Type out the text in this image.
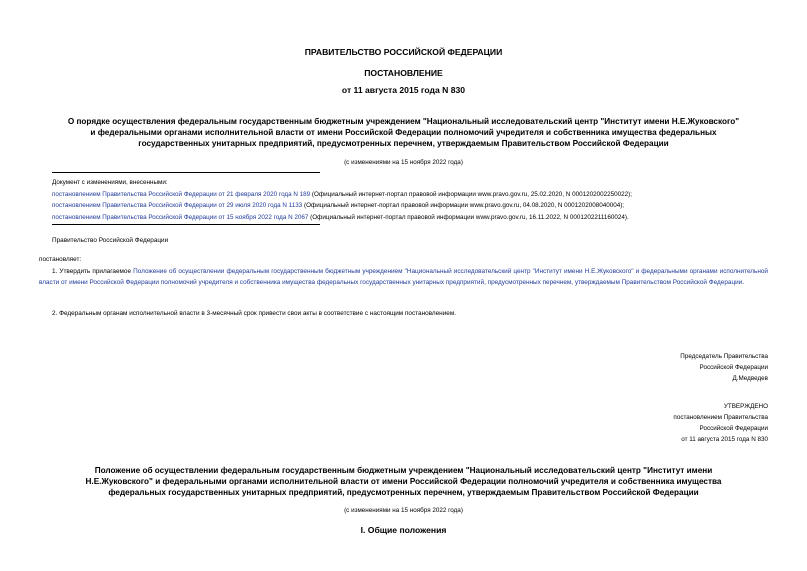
ПРАВИТЕЛЬСТВО РОССИЙСКОЙ ФЕДЕРАЦИИ
ПОСТАНОВЛЕНИЕ
от 11 августа 2015 года N 830
О порядке осуществления федеральным государственным бюджетным учреждением "Национальный исследовательский центр "Институт имени Н.Е.Жуковского"
и федеральными органами исполнительной власти от имени Российской Федерации полномочий учредителя и собственника имущества федеральных
государственных унитарных предприятий, предусмотренных перечнем, утверждаемым Правительством Российской Федерации
(с изменениями на 15 ноября 2022 года)
Документ с изменениями, внесенными:
постановлением Правительства Российской Федерации от 21 февраля 2020 года N 189 (Официальный интернет-портал правовой информации www.pravo.gov.ru, 25.02.2020, N 0001202002250022);
постановлением Правительства Российской Федерации от 29 июля 2020 года N 1133 (Официальный интернет-портал правовой информации www.pravo.gov.ru, 04.08.2020, N 0001202008040004);
постановлением Правительства Российской Федерации от 15 ноября 2022 года N 2067 (Официальный интернет-портал правовой информации www.pravo.gov.ru, 16.11.2022, N 0001202211160024).
Правительство Российской Федерации
постановляет:
1. Утвердить прилагаемое Положение об осуществлении федеральным государственным бюджетным учреждением "Национальный исследовательский центр "Институт имени Н.Е.Жуковского" и федеральными органами исполнительной власти от имени Российской Федерации полномочий учредителя и собственника имущества федеральных государственных унитарных предприятий, предусмотренных перечнем, утверждаемым Правительством Российской Федерации.
2. Федеральным органам исполнительной власти в 3-месячный срок привести свои акты в соответствие с настоящим постановлением.
Председатель Правительства
Российской Федерации
Д.Медведев
УТВЕРЖДЕНО
постановлением Правительства
Российской Федерации
от 11 августа 2015 года N 830
Положение об осуществлении федеральным государственным бюджетным учреждением "Национальный исследовательский центр "Институт имени
Н.Е.Жуковского" и федеральными органами исполнительной власти от имени Российской Федерации полномочий учредителя и собственника имущества
федеральных государственных унитарных предприятий, предусмотренных перечнем, утверждаемым Правительством Российской Федерации
(с изменениями на 15 ноября 2022 года)
I. Общие положения
